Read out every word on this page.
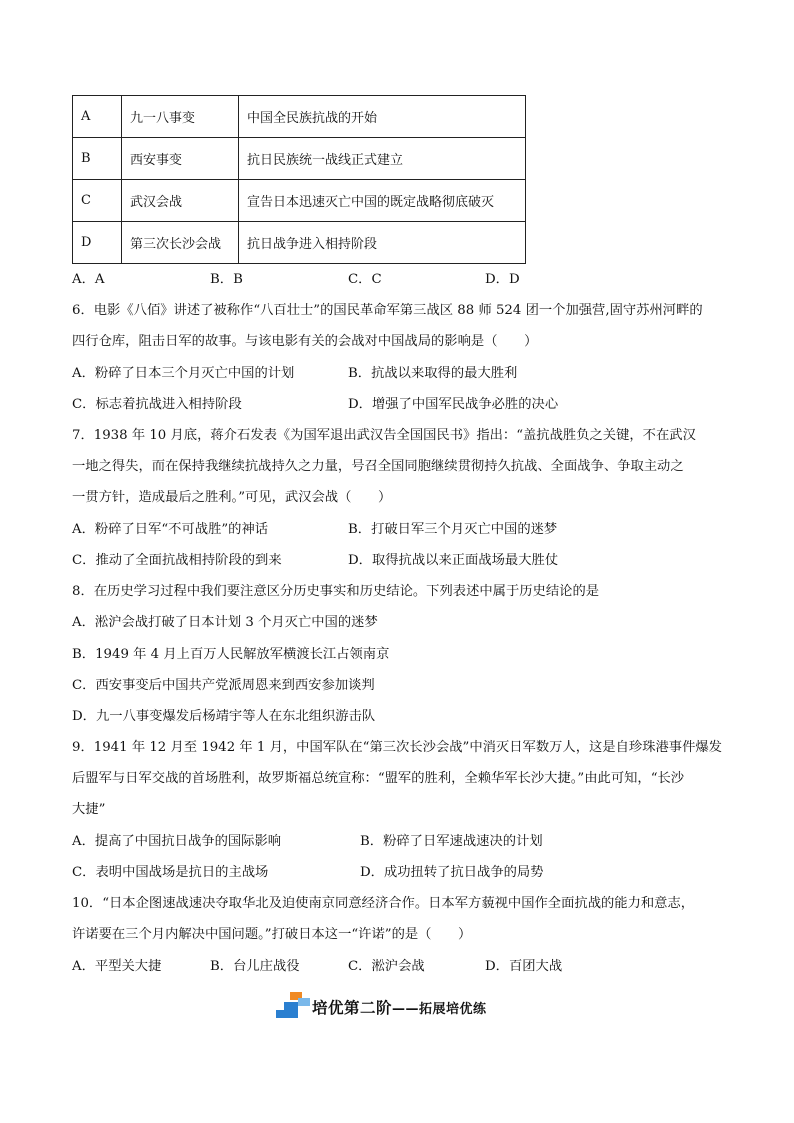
A	九一八事变	中国全民族抗战的开始
B	西安事变	抗日民族统一战线正式建立
C	武汉会战	宣告日本迅速灭亡中国的既定战略彻底破灭
D	第三次长沙会战	抗日战争进入相持阶段
A．A	B．B	C．C	D．D
6．电影《八佰》讲述了被称作“八百壮士”的国民革命军第三战区 88 师 524 团一个加强营,固守苏州河畔的
四行仓库，阻击日军的故事。与该电影有关的会战对中国战局的影响是（　　）
A．粉碎了日本三个月灭亡中国的计划	B．抗战以来取得的最大胜利
C．标志着抗战进入相持阶段	D．增强了中国军民战争必胜的决心
7．1938 年 10 月底，蒋介石发表《为国军退出武汉告全国国民书》指出：“盖抗战胜负之关键，不在武汉
一地之得失，而在保持我继续抗战持久之力量，号召全国同胞继续贯彻持久抗战、全面战争、争取主动之
一贯方针，造成最后之胜利。”可见，武汉会战（　　）
A．粉碎了日军“不可战胜”的神话	B．打破日军三个月灭亡中国的迷梦
C．推动了全面抗战相持阶段的到来	D．取得抗战以来正面战场最大胜仗
8．在历史学习过程中我们要注意区分历史事实和历史结论。下列表述中属于历史结论的是
A．淞沪会战打破了日本计划 3 个月灭亡中国的迷梦
B．1949 年 4 月上百万人民解放军横渡长江占领南京
C．西安事变后中国共产党派周恩来到西安参加谈判
D．九一八事变爆发后杨靖宇等人在东北组织游击队
9．1941 年 12 月至 1942 年 1 月，中国军队在“第三次长沙会战”中消灭日军数万人，这是自珍珠港事件爆发
后盟军与日军交战的首场胜利，故罗斯福总统宣称：“盟军的胜利，全赖华军长沙大捷。”由此可知，“长沙
大捷”
A．提高了中国抗日战争的国际影响	B．粉碎了日军速战速决的计划
C．表明中国战场是抗日的主战场	D．成功扭转了抗日战争的局势
10．“日本企图速战速决夺取华北及迫使南京同意经济合作。日本军方藐视中国作全面抗战的能力和意志，
许诺要在三个月内解决中国问题。”打破日本这一“许诺”的是（　　）
A．平型关大捷	B．台儿庄战役	C．淞沪会战	D．百团大战
培优第二阶——拓展培优练
